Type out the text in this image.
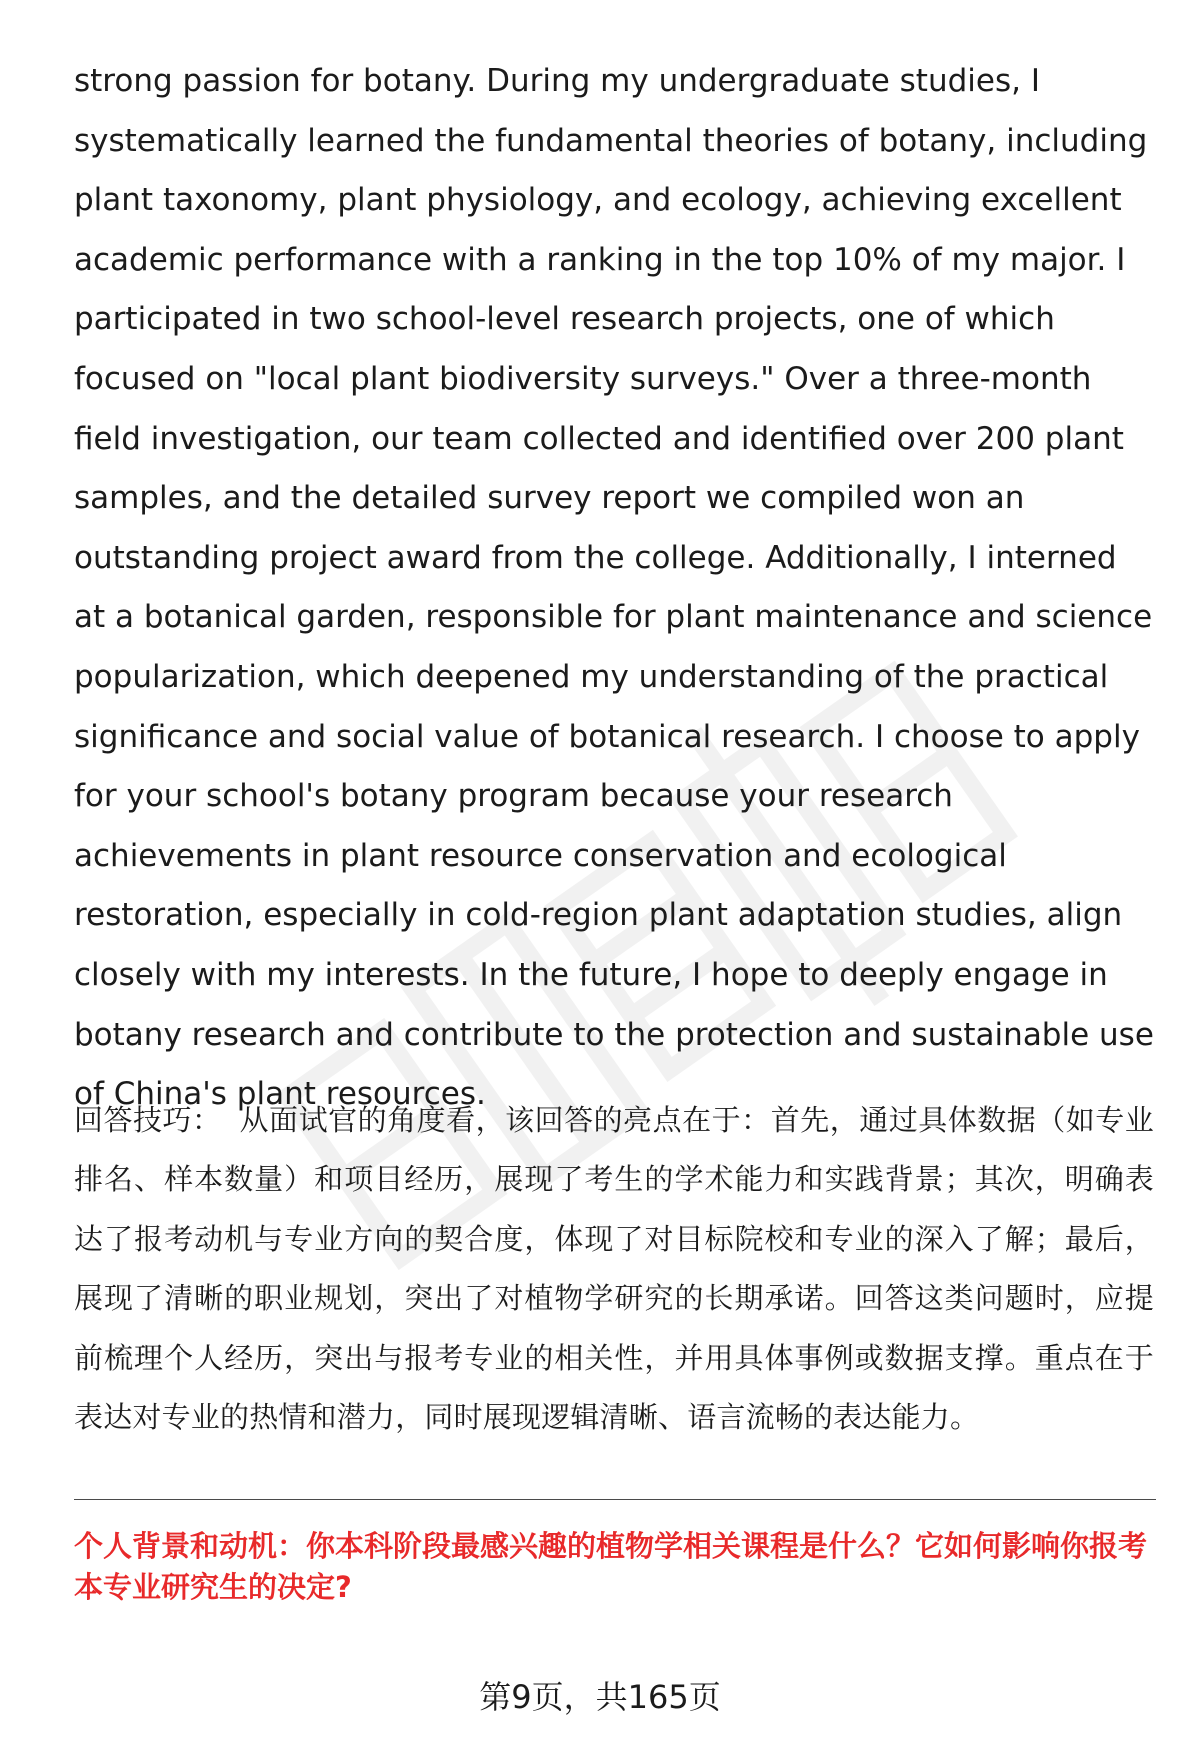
strong passion for botany. During my undergraduate studies, I systematically learned the fundamental theories of botany, including plant taxonomy, plant physiology, and ecology, achieving excellent academic performance with a ranking in the top 10% of my major. I participated in two school-level research projects, one of which focused on "local plant biodiversity surveys." Over a three-month field investigation, our team collected and identified over 200 plant samples, and the detailed survey report we compiled won an outstanding project award from the college. Additionally, I interned at a botanical garden, responsible for plant maintenance and science popularization, which deepened my understanding of the practical significance and social value of botanical research. I choose to apply for your school's botany program because your research achievements in plant resource conservation and ecological restoration, especially in cold-region plant adaptation studies, align closely with my interests. In the future, I hope to deeply engage in botany research and contribute to the protection and sustainable use of China's plant resources.

回答技巧： 从面试官的角度看，该回答的亮点在于：首先，通过具体数据（如专业排名、样本数量）和项目经历，展现了考生的学术能力和实践背景；其次，明确表达了报考动机与专业方向的契合度，体现了对目标院校和专业的深入了解；最后，展现了清晰的职业规划，突出了对植物学研究的长期承诺。回答这类问题时，应提前梳理个人经历，突出与报考专业的相关性，并用具体事例或数据支撑。重点在于表达对专业的热情和潜力，同时展现逻辑清晰、语言流畅的表达能力。

个人背景和动机：你本科阶段最感兴趣的植物学相关课程是什么？它如何影响你报考本专业研究生的决定?

第9页，共165页
